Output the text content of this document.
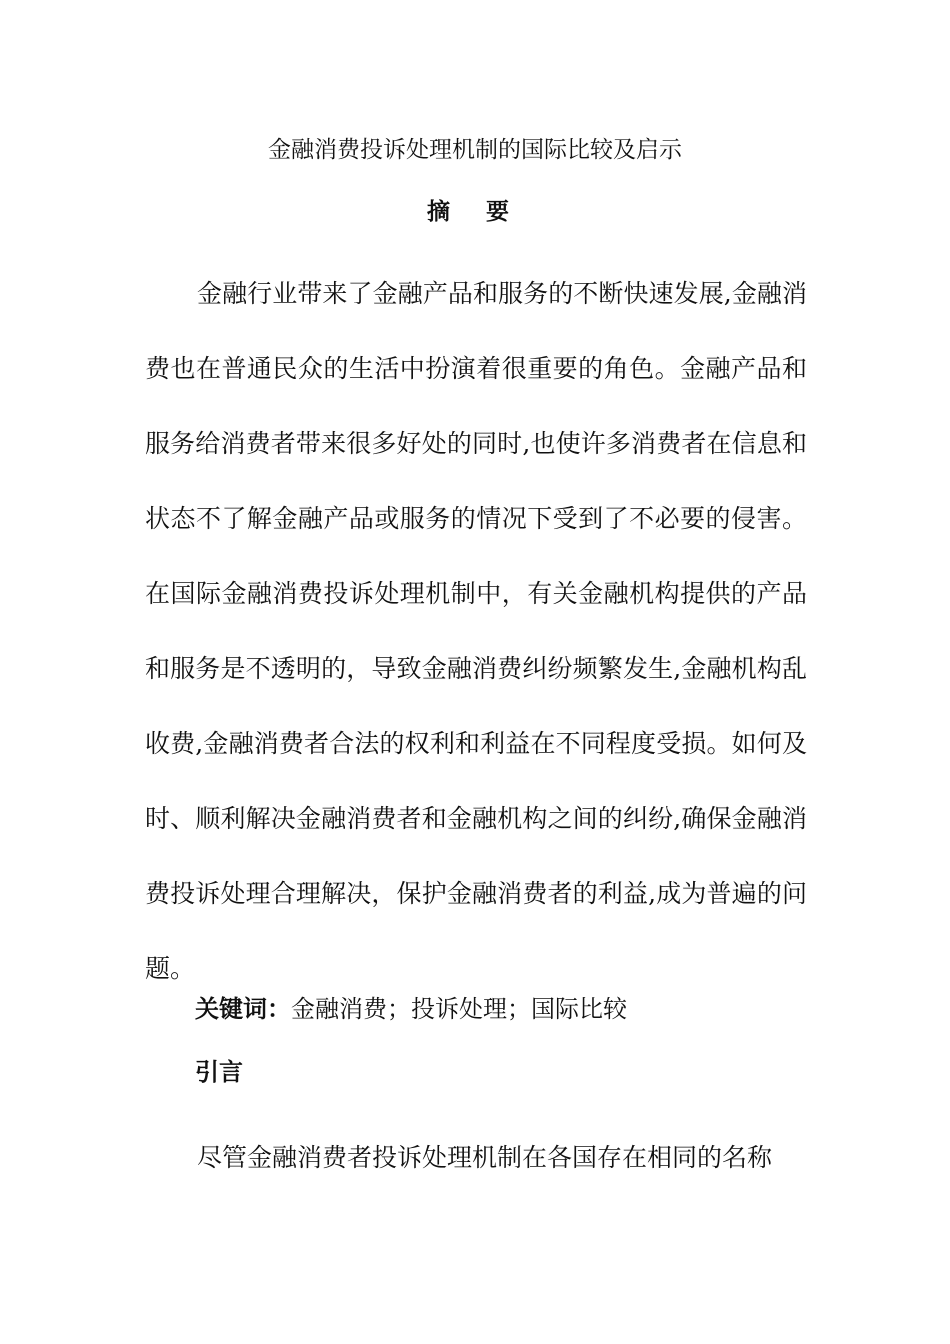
金融消费投诉处理机制的国际比较及启示
摘 要

金融行业带来了金融产品和服务的不断快速发展,金融消费也在普通民众的生活中扮演着很重要的角色。金融产品和服务给消费者带来很多好处的同时,也使许多消费者在信息和状态不了解金融产品或服务的情况下受到了不必要的侵害。在国际金融消费投诉处理机制中，有关金融机构提供的产品和服务是不透明的，导致金融消费纠纷频繁发生,金融机构乱收费,金融消费者合法的权利和利益在不同程度受损。如何及时、顺利解决金融消费者和金融机构之间的纠纷,确保金融消费投诉处理合理解决，保护金融消费者的利益,成为普遍的问题。

关键词：金融消费；投诉处理；国际比较

引言

尽管金融消费者投诉处理机制在各国存在相同的名称
